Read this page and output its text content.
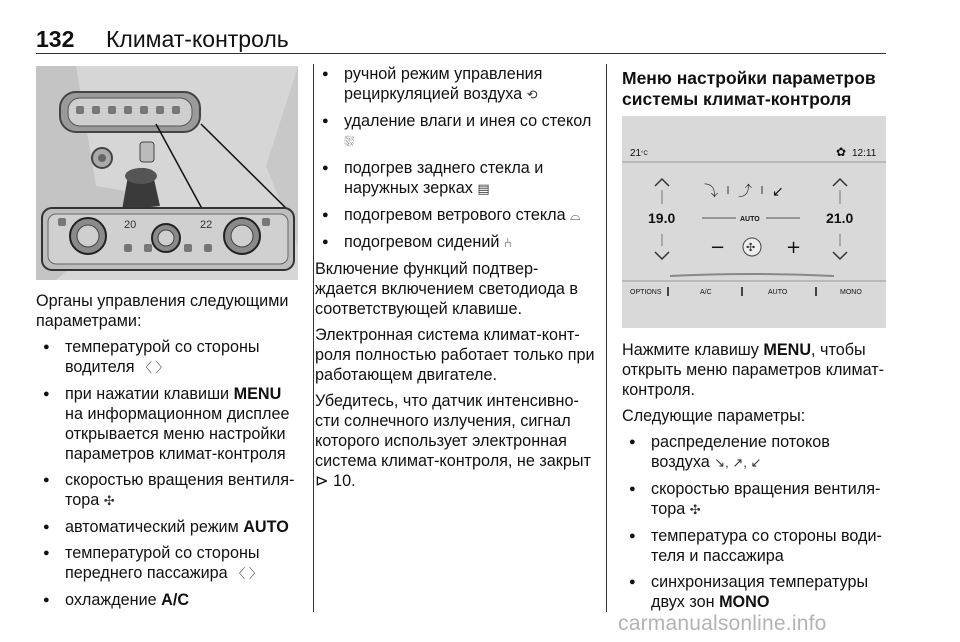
132 Климат-контроль
20	22

Органы управления следующими параметрами:

● температурой со стороны водителя 〈 〉
● при нажатии клавиши MENU на информационном дисплее открывается меню настройки параметров климат-контроля
● скоростью вращения вентиля-тора ✣
● автоматический режим AUTO
● температурой со стороны переднего пассажира 〈 〉
● охлаждение A/C
● ручной режим управления рециркуляцией воздуха ⟲
● удаление влаги и инея со стекол ⛆
● подогрев заднего стекла и наружных зерках ▤
● подогревом ветрового стекла ⌓
● подогревом сидений ⑃

Включение функций подтвер-ждается включением светодиода в соответствующей клавише.

Электронная система климат-конт-роля полностью работает только при работающем двигателе.

Убедитесь, что датчик интенсивно-сти солнечного излучения, сигнал которого использует электронная система климат-контроля, не закрыт ⊳ 10.

Меню настройки параметров системы климат-контроля
21°C	✿ 12:11
19.0	21.0
⤵ ⤴ ↙
AUTO
− ✣ +
OPTIONS	A/C	AUTO	MONO

Нажмите клавишу MENU, чтобы открыть меню параметров климат-контроля.

Следующие параметры:

● распределение потоков воздуха ↘, ↗, ↙
● скоростью вращения вентиля-тора ✣
● температура со стороны води-теля и пассажира
● синхронизация температуры двух зон MONO
carmanualsonline.info
